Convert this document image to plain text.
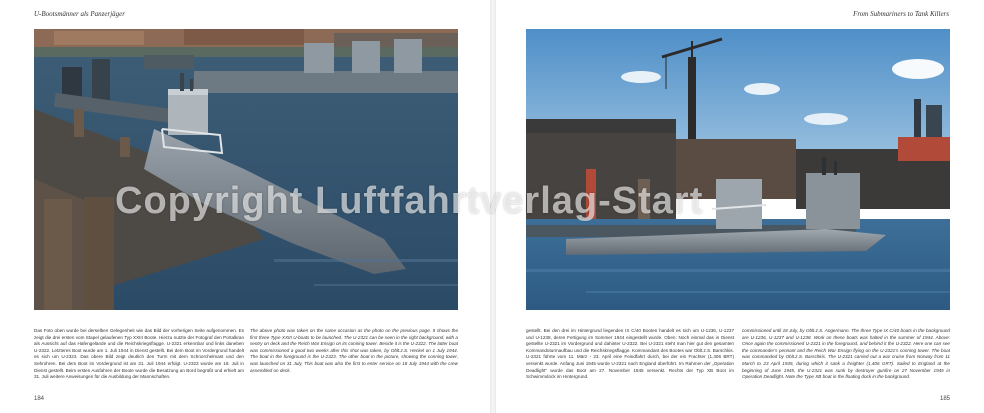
U-Bootsmänner als Panzerjäger	From Submariners to Tank Killers
Das Foto oben wurde bei derselben Gelegenheit wie das Bild der vorherigen Seite aufgenommen. Es zeigt die drei ersten vom Stapel gelaufenen Typ XXIII Boote. Hierzu nutzte der Fotograf den Portalkran als Aussicht auf das Hafengelände und die Reichskriegsflagge. U-2321 erkennbar und links daneben U-2322. Letzteres Boot wurde am 1. Juli 1944 in Dienst gestellt. Bei dem Boot im Vordergrund handelt es sich um U-2323. Das obere Bild zeigt deutlich den Turm mit dem Schnorchelmast und den Sehrohren. Bei dem Boot im Vordergrund ist am 31. Juli 1944 erfolgt. U-2323 wurde am 18. Juli in Dienst gestellt. Beim ersten Ausfahren der Boote wurde die Besatzung an Bord begrüßt und erhielt am 31. Juli weitere Anweisungen für die Ausbildung der Mannschaften.
The above photo was taken on the same occasion as the photo on the previous page. It shows the first three Type XXIII U-boats to be launched. The U-2321 can be seen in the right background, with a sentry on deck and the Reich War Ensign on its conning tower. Beside it is the U-2322. The latter boat was commissioned a good two weeks after this shot was taken, by Oblt.z.S. Heckel on 1 July 1944. The boat in the foreground is the U-2323. The other boat in the picture, showing the conning tower, was launched on 31 July. This boat was also the first to enter service on 18 July 1944 with the crew assembled on deck.
gestellt. Bei den drei im Hintergrund liegenden IX C/40 Booten handelt es sich um U-1236, U-1237 und U-1238, deren Fertigung im Sommer 1944 eingestellt wurde. Oben: Noch einmal das in Dienst gestellte U-2321 im Vordergrund und dahinter U-2322. Bei U-2321 steht man hier gut den gesamten Kommandoturmaufbau und die Reichskriegsflagge. Kommandant des Bootes war Oblt.z.S. Barschkis. U-2321 führte vom 11. März - 23. April eine Feindfahrt durch, bei der ein Frachter (1.406 BRT) versenkt wurde. Anfang Juni 1945 wurde U-2321 nach England überführt. Im Rahmen der „Operation Deadlight“ wurde das Boot am 27. November 1945 versenkt. Rechts der Typ XB Boot im Schwimmdock im Hintergrund.
commissioned until 18 July, by Oblt.z.S. Angermann. The three Type IX C/40 boats in the background are U-1236, U-1237 and U-1238. Work on these boats was halted in the summer of 1944. Above: Once again the commissioned U-2321 in the foreground, and behind it the U-2322. Here one can see the commander's pennant and the Reich War Ensign flying on the U-2321's conning tower. The boat was commanded by Oblt.z.S. Barschkis. The U-2321 carried out a war cruise from Norway from 11 March to 23 April 1945, during which it sank a freighter (1,406 GRT). Sailed to England at the beginning of June 1945, the U-2321 was sunk by destroyer gunfire on 27 November 1945 in Operation Deadlight. Note the Type XB boat in the floating dock in the background.
184	185
Copyright Luftfahrtverlag-Start
